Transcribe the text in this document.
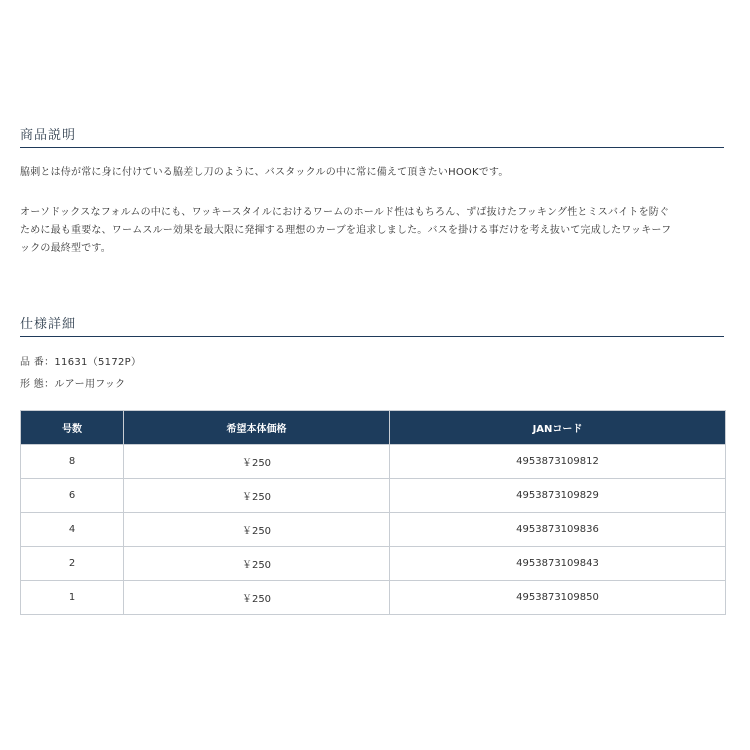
商品説明
脇刺とは侍が常に身に付けている脇差し刀のように、バスタックルの中に常に備えて頂きたいHOOKです。
オーソドックスなフォルムの中にも、ワッキースタイルにおけるワームのホールド性はもちろん、ずば抜けたフッキング性とミスバイトを防ぐ
ために最も重要な、ワームスルー効果を最大限に発揮する理想のカーブを追求しました。バスを掛ける事だけを考え抜いて完成したワッキーフ
ックの最終型です。
仕様詳細
品 番：11631（5172P）
形 態：ルアー用フック
号数	希望本体価格	JANコード
8	￥250	4953873109812
6	￥250	4953873109829
4	￥250	4953873109836
2	￥250	4953873109843
1	￥250	4953873109850
